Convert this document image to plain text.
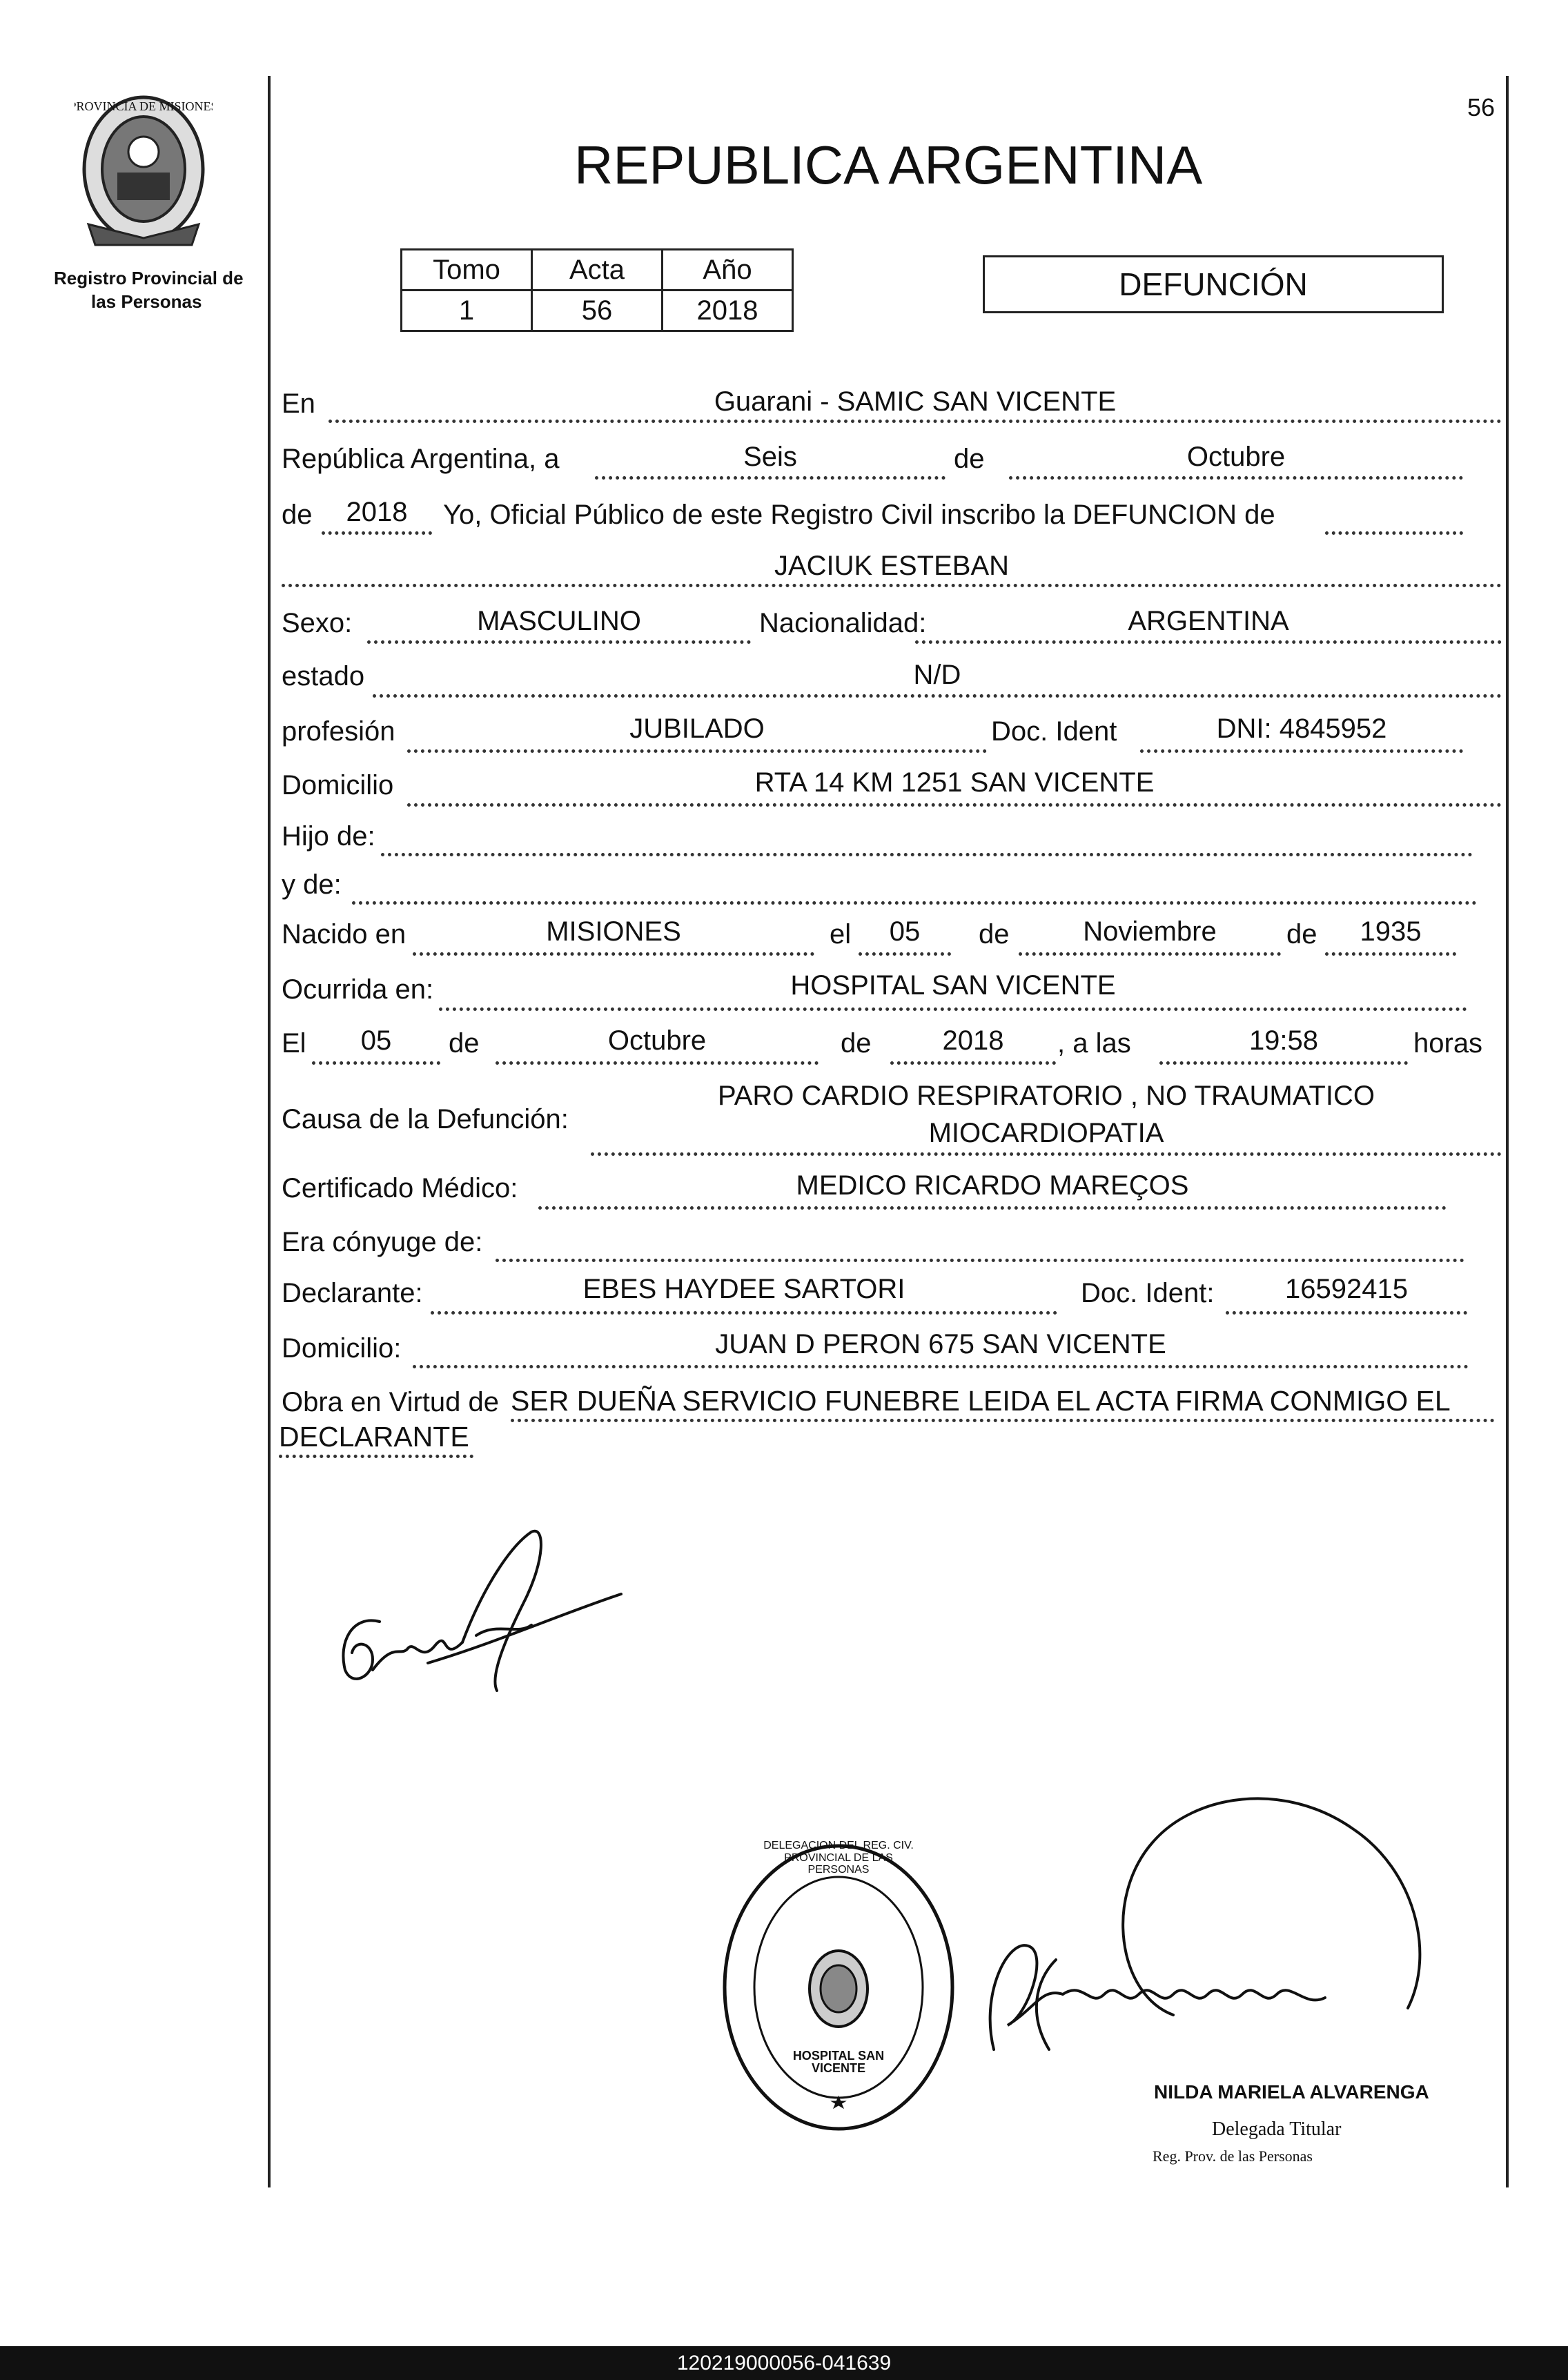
56
PROVINCIA DE MISIONES
Registro Provincial de
las Personas
REPUBLICA ARGENTINA
Tomo	Acta	Año
1	56	2018
DEFUNCIÓN
En	Guarani - SAMIC SAN VICENTE
República Argentina, a	Seis	de	Octubre
de	2018	Yo, Oficial Público de este Registro Civil inscribo la DEFUNCION de
JACIUK ESTEBAN
Sexo:	MASCULINO	Nacionalidad:	ARGENTINA
estado	N/D
profesión	JUBILADO	Doc. Ident	DNI: 4845952
Domicilio	RTA 14 KM 1251 SAN VICENTE
Hijo de:
y de:
Nacido en	MISIONES	el	05	de	Noviembre	de	1935
Ocurrida en:	HOSPITAL SAN VICENTE
El	05	de	Octubre	de	2018	, a las	19:58	horas
Causa de la Defunción:
PARO CARDIO RESPIRATORIO , NO TRAUMATICO
MIOCARDIOPATIA
Certificado Médico:	MEDICO RICARDO MAREÇOS
Era cónyuge de:
Declarante:	EBES HAYDEE SARTORI	Doc. Ident:	16592415
Domicilio:	JUAN D PERON 675 SAN VICENTE
Obra en Virtud de SER DUEÑA SERVICIO FUNEBRE LEIDA EL ACTA FIRMA CONMIGO EL
DECLARANTE
DELEGACION DEL REG. CIV. PROVINCIAL DE LAS PERSONAS
HOSPITAL SAN VICENTE
NILDA MARIELA ALVARENGA
Delegada Titular
Reg. Prov. de las Personas
120219000056-041639
